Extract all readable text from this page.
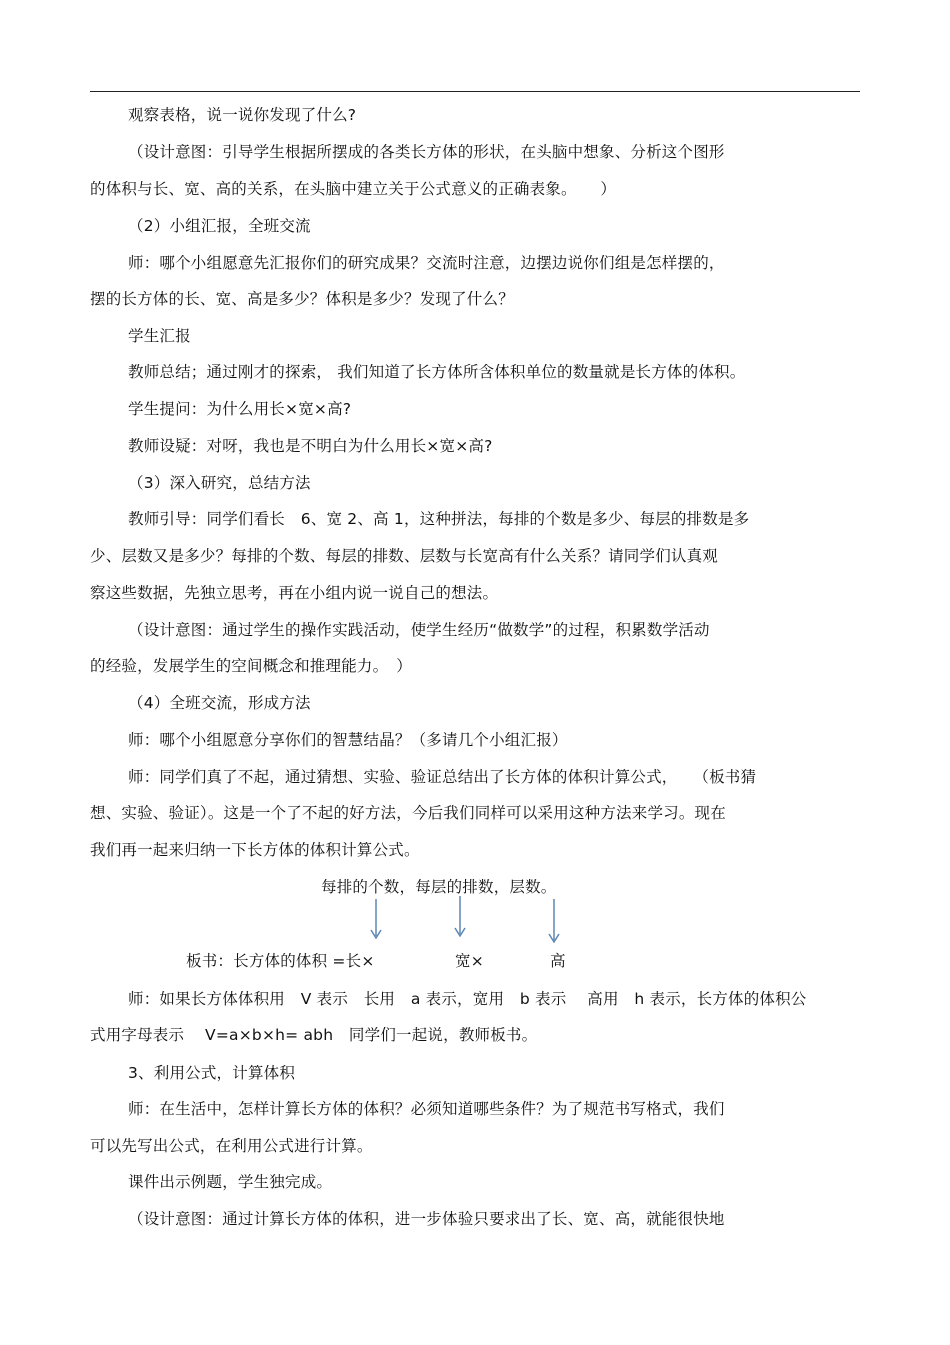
观察表格，说一说你发现了什么?
（设计意图：引导学生根据所摆成的各类长方体的形状，在头脑中想象、分析这个图形
的体积与长、宽、高的关系，在头脑中建立关于公式意义的正确表象。　　）
（2）小组汇报，全班交流
师：哪个小组愿意先汇报你们的研究成果？交流时注意，边摆边说你们组是怎样摆的，
摆的长方体的长、宽、高是多少？体积是多少？发现了什么？
学生汇报
教师总结；通过刚才的探索， 我们知道了长方体所含体积单位的数量就是长方体的体积。
学生提问：为什么用长×宽×高?
教师设疑：对呀，我也是不明白为什么用长×宽×高?
（3）深入研究，总结方法
教师引导：同学们看长　6、宽 2、高 1，这种拼法，每排的个数是多少、每层的排数是多
少、层数又是多少？每排的个数、每层的排数、层数与长宽高有什么关系？请同学们认真观
察这些数据，先独立思考，再在小组内说一说自己的想法。
（设计意图：通过学生的操作实践活动，使学生经历“做数学”的过程，积累数学活动
的经验，发展学生的空间概念和推理能力。　）
（4）全班交流，形成方法
师：哪个小组愿意分享你们的智慧结晶？（多请几个小组汇报）
师：同学们真了不起，通过猜想、实验、验证总结出了长方体的体积计算公式，　　（板书猜
想、实验、验证）。这是一个了不起的好方法，今后我们同样可以采用这种方法来学习。现在
我们再一起来归纳一下长方体的体积计算公式。
每排的个数，每层的排数，层数。
板书：长方体的体积 =长×	宽×	高
师：如果长方体体积用　V 表示　长用　a 表示，宽用　b 表示　 高用　h 表示，长方体的体积公
式用字母表示　 V=a×b×h= abh　同学们一起说，教师板书。
3、利用公式，计算体积
师：在生活中，怎样计算长方体的体积？必须知道哪些条件？为了规范书写格式，我们
可以先写出公式，在利用公式进行计算。
课件出示例题，学生独完成。
（设计意图：通过计算长方体的体积，进一步体验只要求出了长、宽、高，就能很快地
